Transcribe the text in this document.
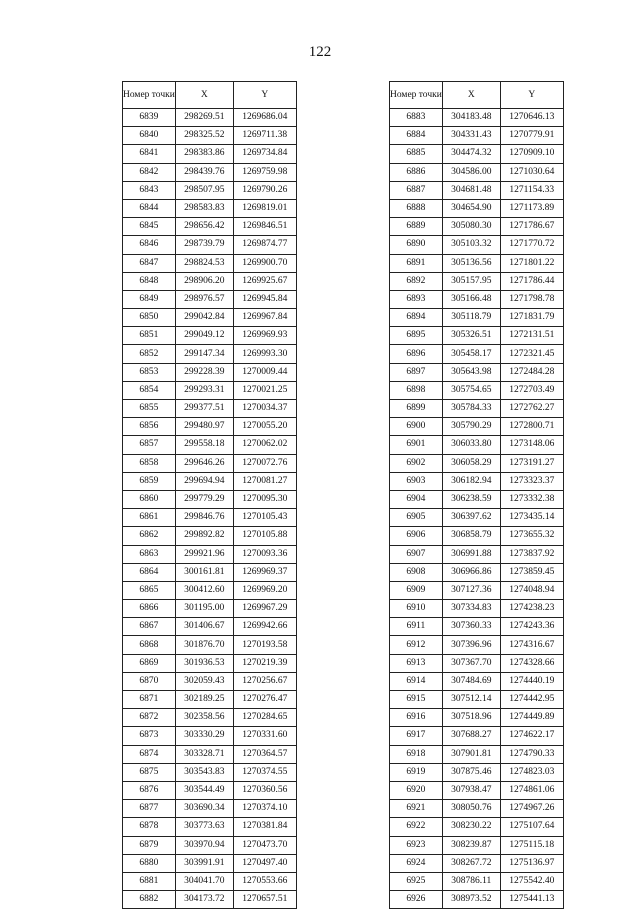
122
Номер точки	X	Y
6839	298269.51	1269686.04
6840	298325.52	1269711.38
6841	298383.86	1269734.84
6842	298439.76	1269759.98
6843	298507.95	1269790.26
6844	298583.83	1269819.01
6845	298656.42	1269846.51
6846	298739.79	1269874.77
6847	298824.53	1269900.70
6848	298906.20	1269925.67
6849	298976.57	1269945.84
6850	299042.84	1269967.84
6851	299049.12	1269969.93
6852	299147.34	1269993.30
6853	299228.39	1270009.44
6854	299293.31	1270021.25
6855	299377.51	1270034.37
6856	299480.97	1270055.20
6857	299558.18	1270062.02
6858	299646.26	1270072.76
6859	299694.94	1270081.27
6860	299779.29	1270095.30
6861	299846.76	1270105.43
6862	299892.82	1270105.88
6863	299921.96	1270093.36
6864	300161.81	1269969.37
6865	300412.60	1269969.20
6866	301195.00	1269967.29
6867	301406.67	1269942.66
6868	301876.70	1270193.58
6869	301936.53	1270219.39
6870	302059.43	1270256.67
6871	302189.25	1270276.47
6872	302358.56	1270284.65
6873	303330.29	1270331.60
6874	303328.71	1270364.57
6875	303543.83	1270374.55
6876	303544.49	1270360.56
6877	303690.34	1270374.10
6878	303773.63	1270381.84
6879	303970.94	1270473.70
6880	303991.91	1270497.40
6881	304041.70	1270553.66
6882	304173.72	1270657.51
Номер точки	X	Y
6883	304183.48	1270646.13
6884	304331.43	1270779.91
6885	304474.32	1270909.10
6886	304586.00	1271030.64
6887	304681.48	1271154.33
6888	304654.90	1271173.89
6889	305080.30	1271786.67
6890	305103.32	1271770.72
6891	305136.56	1271801.22
6892	305157.95	1271786.44
6893	305166.48	1271798.78
6894	305118.79	1271831.79
6895	305326.51	1272131.51
6896	305458.17	1272321.45
6897	305643.98	1272484.28
6898	305754.65	1272703.49
6899	305784.33	1272762.27
6900	305790.29	1272800.71
6901	306033.80	1273148.06
6902	306058.29	1273191.27
6903	306182.94	1273323.37
6904	306238.59	1273332.38
6905	306397.62	1273435.14
6906	306858.79	1273655.32
6907	306991.88	1273837.92
6908	306966.86	1273859.45
6909	307127.36	1274048.94
6910	307334.83	1274238.23
6911	307360.33	1274243.36
6912	307396.96	1274316.67
6913	307367.70	1274328.66
6914	307484.69	1274440.19
6915	307512.14	1274442.95
6916	307518.96	1274449.89
6917	307688.27	1274622.17
6918	307901.81	1274790.33
6919	307875.46	1274823.03
6920	307938.47	1274861.06
6921	308050.76	1274967.26
6922	308230.22	1275107.64
6923	308239.87	1275115.18
6924	308267.72	1275136.97
6925	308786.11	1275542.40
6926	308973.52	1275441.13
